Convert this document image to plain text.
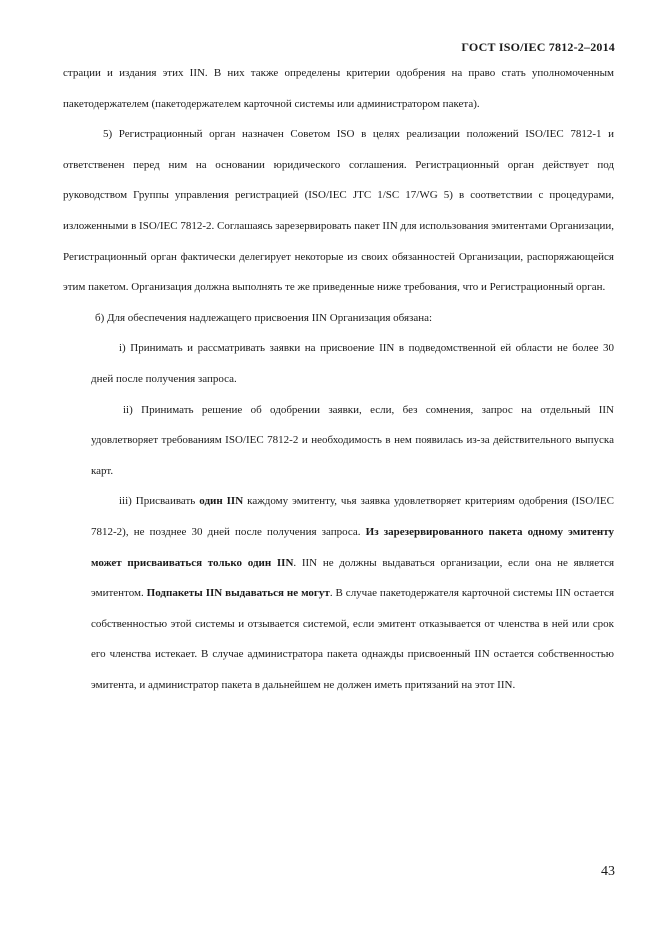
ГОСТ ISO/IEC 7812-2–2014

страции и издания этих IIN. В них также определены критерии одобрения на право стать уполномоченным пакетодержателем (пакетодержателем карточной системы или администратором пакета).

5) Регистрационный орган назначен Советом ISO в целях реализации положений ISO/IEC 7812-1 и ответственен перед ним на основании юридического соглашения. Регистрационный орган действует под руководством Группы управления регистрацией (ISO/IEC JTC 1/SC 17/WG 5) в соответствии с процедурами, изложенными в ISO/IEC 7812-2. Соглашаясь зарезервировать пакет IIN для использования эмитентами Организации, Регистрационный орган фактически делегирует некоторые из своих обязанностей Организации, распоряжающейся этим пакетом. Организация должна выполнять те же приведенные ниже требования, что и Регистрационный орган.

б) Для обеспечения надлежащего присвоения IIN Организация обязана:

i) Принимать и рассматривать заявки на присвоение IIN в подведомственной ей области не более 30 дней после получения запроса.

ii) Принимать решение об одобрении заявки, если, без сомнения, запрос на отдельный IIN удовлетворяет требованиям ISO/IEC 7812-2 и необходимость в нем появилась из-за действительного выпуска карт.

iii) Присваивать один IIN каждому эмитенту, чья заявка удовлетворяет критериям одобрения (ISO/IEC 7812-2), не позднее 30 дней после получения запроса. Из зарезервированного пакета одному эмитенту может присваиваться только один IIN. IIN не должны выдаваться организации, если она не является эмитентом. Подпакеты IIN выдаваться не могут. В случае пакетодержателя карточной системы IIN остается собственностью этой системы и отзывается системой, если эмитент отказывается от членства в ней или срок его членства истекает. В случае администратора пакета однажды присвоенный IIN остается собственностью эмитента, и администратор пакета в дальнейшем не должен иметь притязаний на этот IIN.

43
